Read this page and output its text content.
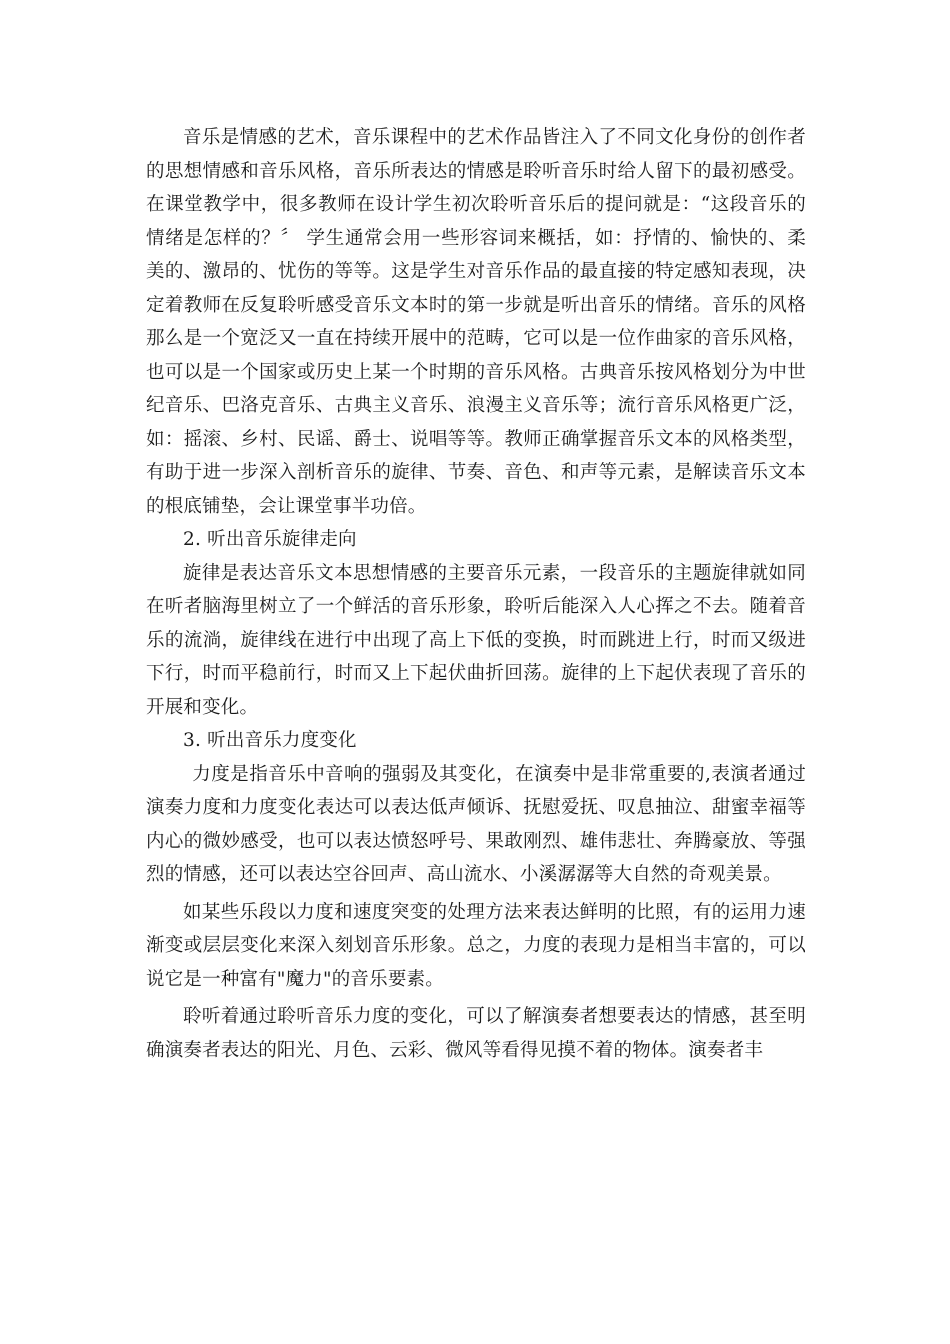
音乐是情感的艺术，音乐课程中的艺术作品皆注入了不同文化身份的创作者的思想情感和音乐风格，音乐所表达的情感是聆听音乐时给人留下的最初感受。在课堂教学中，很多教师在设计学生初次聆听音乐后的提问就是：“这段音乐的情绪是怎样的？〞 学生通常会用一些形容词来概括，如：抒情的、愉快的、柔美的、激昂的、忧伤的等等。这是学生对音乐作品的最直接的特定感知表现，决定着教师在反复聆听感受音乐文本时的第一步就是听出音乐的情绪。音乐的风格那么是一个宽泛又一直在持续开展中的范畴，它可以是一位作曲家的音乐风格，也可以是一个国家或历史上某一个时期的音乐风格。古典音乐按风格划分为中世纪音乐、巴洛克音乐、古典主义音乐、浪漫主义音乐等；流行音乐风格更广泛，如：摇滚、乡村、民谣、爵士、说唱等等。教师正确掌握音乐文本的风格类型，有助于进一步深入剖析音乐的旋律、节奏、音色、和声等元素，是解读音乐文本的根底铺垫，会让课堂事半功倍。

2. 听出音乐旋律走向

旋律是表达音乐文本思想情感的主要音乐元素，一段音乐的主题旋律就如同在听者脑海里树立了一个鲜活的音乐形象，聆听后能深入人心挥之不去。随着音乐的流淌，旋律线在进行中出现了高上下低的变换，时而跳进上行，时而又级进下行，时而平稳前行，时而又上下起伏曲折回荡。旋律的上下起伏表现了音乐的开展和变化。

3. 听出音乐力度变化

力度是指音乐中音响的强弱及其变化，在演奏中是非常重要的,表演者通过演奏力度和力度变化表达可以表达低声倾诉、抚慰爱抚、叹息抽泣、甜蜜幸福等内心的微妙感受，也可以表达愤怒呼号、果敢刚烈、雄伟悲壮、奔腾豪放、等强烈的情感，还可以表达空谷回声、高山流水、小溪潺潺等大自然的奇观美景。

如某些乐段以力度和速度突变的处理方法来表达鲜明的比照，有的运用力速渐变或层层变化来深入刻划音乐形象。总之，力度的表现力是相当丰富的，可以说它是一种富有"魔力"的音乐要素。

聆听着通过聆听音乐力度的变化，可以了解演奏者想要表达的情感，甚至明确演奏者表达的阳光、月色、云彩、微风等看得见摸不着的物体。演奏者丰
